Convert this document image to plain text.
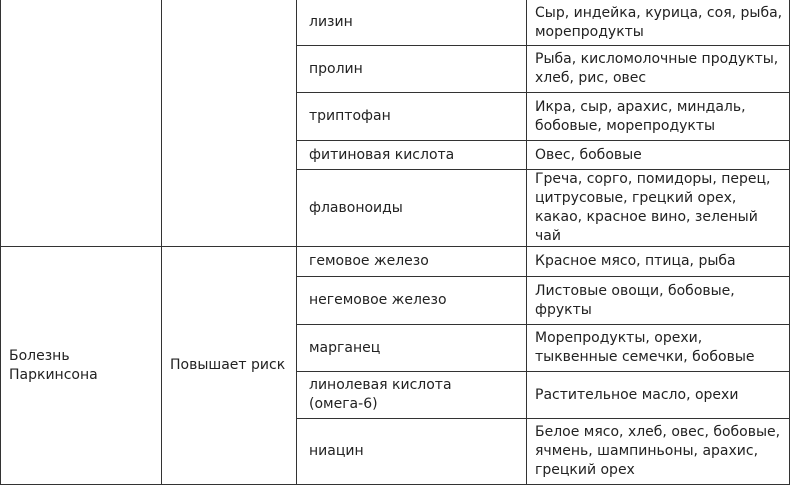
		лизин	Сыр, индейка, курица, соя, рыба, морепродукты
		пролин	Рыба, кисломолочные продукты, хлеб, рис, овес
		триптофан	Икра, сыр, арахис, миндаль, бобовые, морепродукты
		фитиновая кислота	Овес, бобовые
		флавоноиды	Греча, сорго, помидоры, перец, цитрусовые, грецкий орех, какао, красное вино, зеленый чай
Болезнь Паркинсона	Повышает риск	гемовое железо	Красное мясо, птица, рыба
		негемовое железо	Листовые овощи, бобовые, фрукты
		марганец	Морепродукты, орехи, тыквенные семечки, бобовые
		линолевая кислота (омега-6)	Растительное масло, орехи
		ниацин	Белое мясо, хлеб, овес, бобовые, ячмень, шампиньоны, арахис, грецкий орех
